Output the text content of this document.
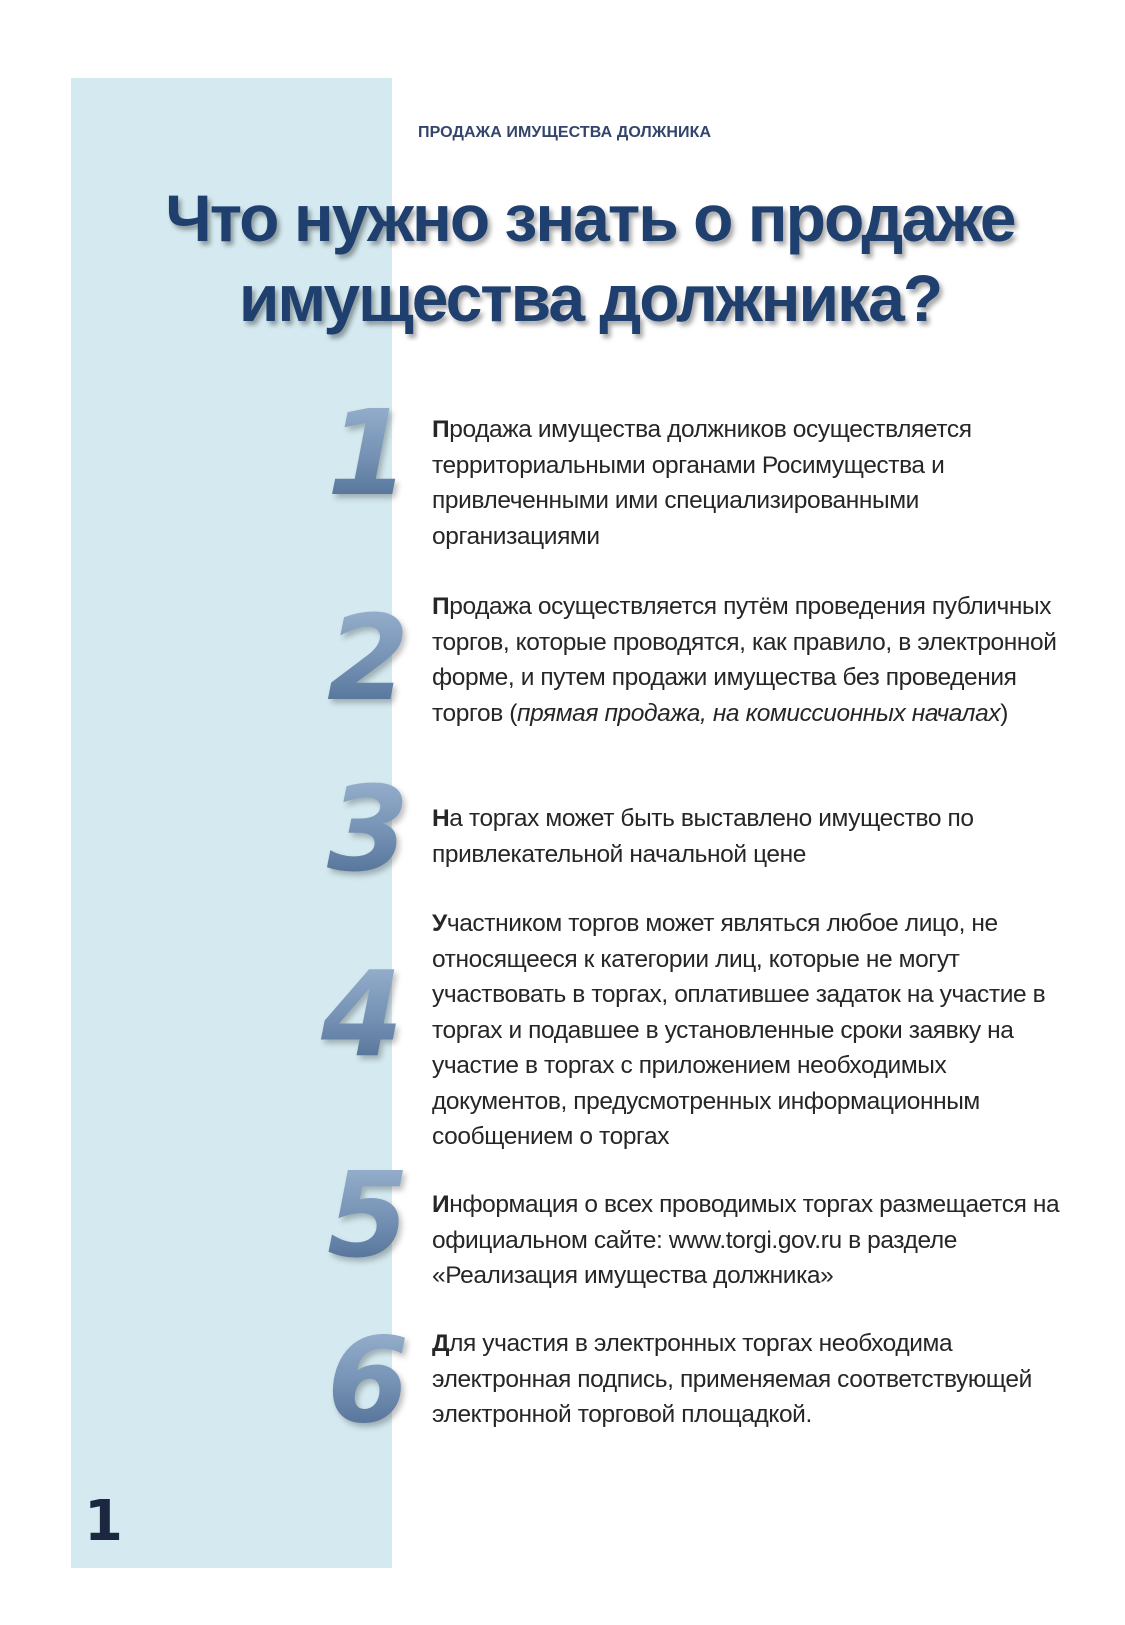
ПРОДАЖА ИМУЩЕСТВА ДОЛЖНИКА
Что нужно знать о продаже
имущества должника?
1 Продажа имущества должников осуществляется территориальными органами Росимущества и привлеченными ими специализированными организациями
2 Продажа осуществляется путём проведения публичных торгов, которые проводятся, как правило, в электронной форме, и путем продажи имущества без проведения торгов (прямая продажа, на комиссионных началах)
3 На торгах может быть выставлено имущество по привлекательной начальной цене
4
Участником торгов может являться любое лицо, не относящееся к категории лиц, которые не могут участвовать в торгах, оплатившее задаток на участие в торгах и подавшее в установленные сроки заявку на участие в торгах с приложением необходимых документов, предусмотренных информационным сообщением о торгах
5 Информация о всех проводимых торгах размещается на официальном сайте: www.torgi.gov.ru в разделе «Реализация имущества должника»
6 Для участия в электронных торгах необходима электронная подпись, применяемая соответствующей электронной торговой площадкой.
1
